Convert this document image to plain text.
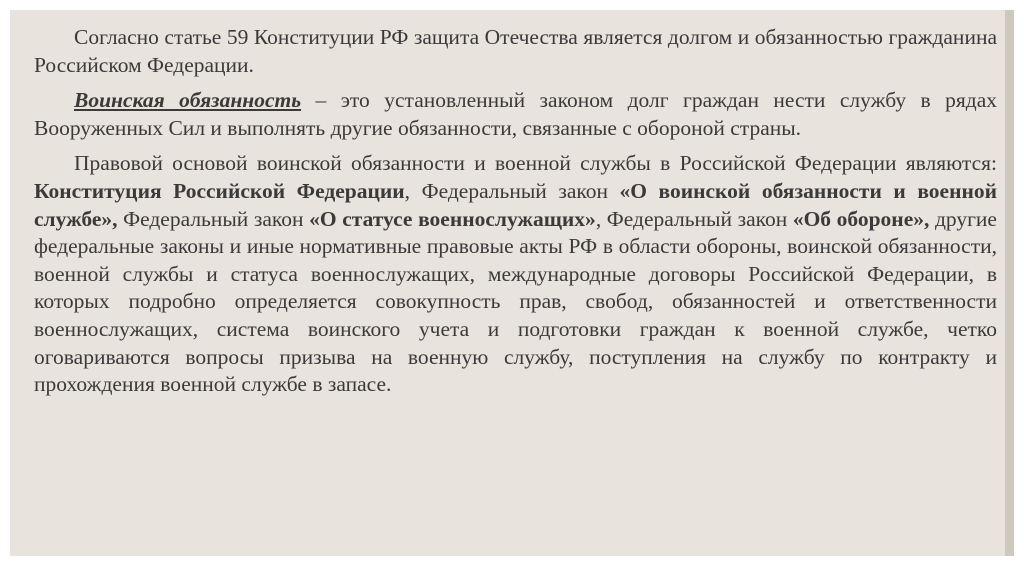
Согласно статье 59 Конституции РФ защита Отечества является долгом и обязанностью гражданина Российском Федерации.

Воинская обязанность – это установленный законом долг граждан нести службу в рядах Вооруженных Сил и выполнять другие обязанности, связанные с обороной страны.

Правовой основой воинской обязанности и военной службы в Российской Федерации являются: Конституция Российской Федерации, Федеральный закон «О воинской обязанности и военной службе», Федеральный закон «О статусе военнослужащих», Федеральный закон «Об обороне», другие федеральные законы и иные нормативные правовые акты РФ в области обороны, воинской обязанности, военной службы и статуса военнослужащих, международные договоры Российской Федерации, в которых подробно определяется совокупность прав, свобод, обязанностей и ответственности военнослужащих, система воинского учета и подготовки граждан к военной службе, четко оговариваются вопросы призыва на военную службу, поступления на службу по контракту и прохождения военной службе в запасе.
